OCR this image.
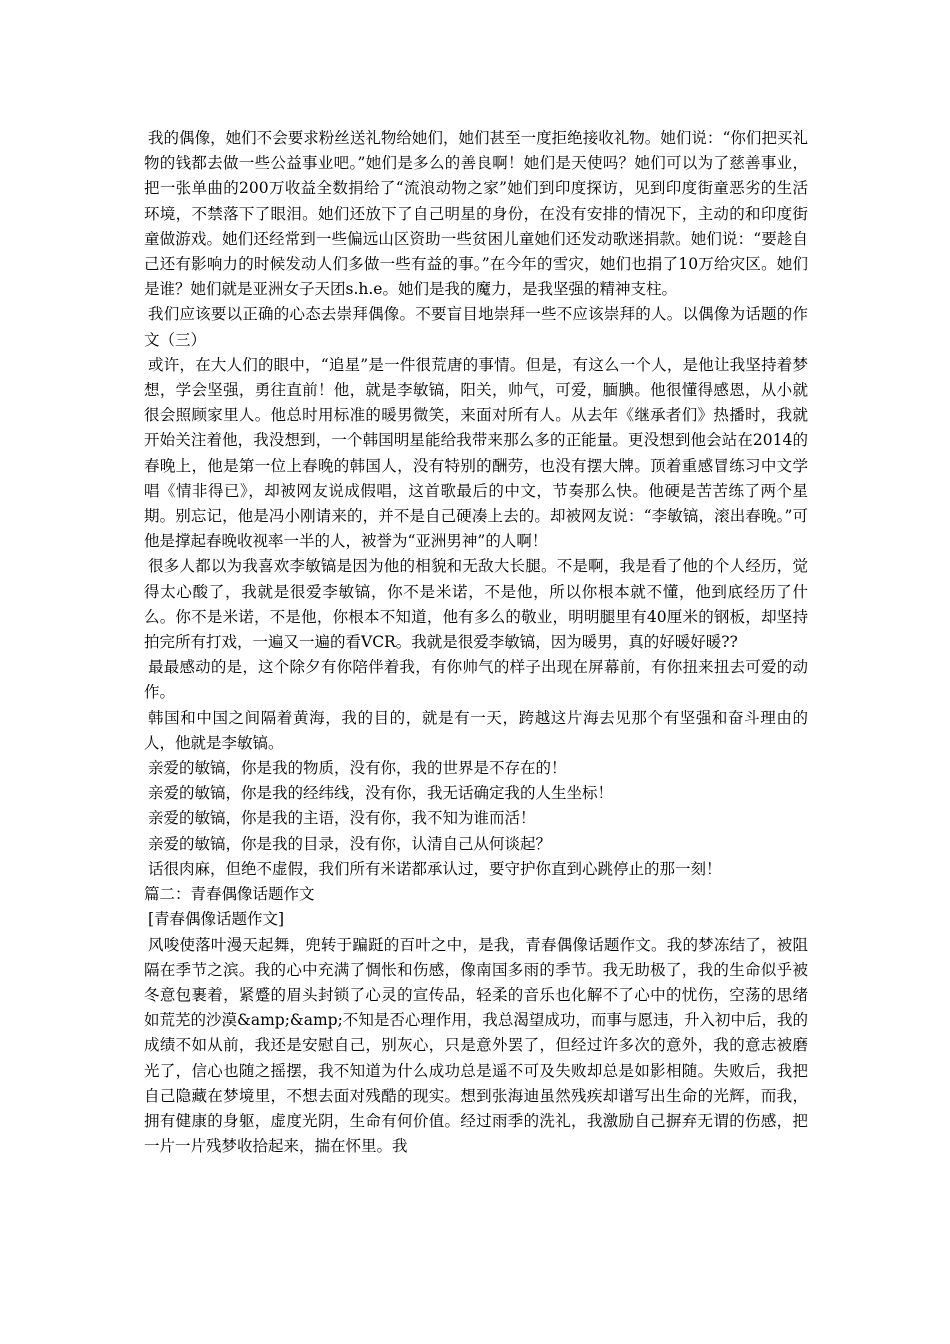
我的偶像，她们不会要求粉丝送礼物给她们，她们甚至一度拒绝接收礼物。她们说：“你们把买礼物的钱都去做一些公益事业吧。”她们是多么的善良啊！她们是天使吗？她们可以为了慈善事业，把一张单曲的200万收益全数捐给了“流浪动物之家”她们到印度探访，见到印度街童恶劣的生活环境，不禁落下了眼泪。她们还放下了自己明星的身份，在没有安排的情况下，主动的和印度街童做游戏。她们还经常到一些偏远山区资助一些贫困儿童她们还发动歌迷捐款。她们说：“要趁自己还有影响力的时候发动人们多做一些有益的事。”在今年的雪灾，她们也捐了10万给灾区。她们是谁？她们就是亚洲女子天团s.h.e。她们是我的魔力，是我坚强的精神支柱。

我们应该要以正确的心态去崇拜偶像。不要盲目地崇拜一些不应该崇拜的人。以偶像为话题的作文（三）

或许，在大人们的眼中，“追星”是一件很荒唐的事情。但是，有这么一个人，是他让我坚持着梦想，学会坚强，勇往直前！他，就是李敏镐，阳关，帅气，可爱，腼腆。他很懂得感恩，从小就很会照顾家里人。他总时用标准的暖男微笑，来面对所有人。从去年《继承者们》热播时，我就开始关注着他，我没想到，一个韩国明星能给我带来那么多的正能量。更没想到他会站在2014的春晚上，他是第一位上春晚的韩国人，没有特别的酬劳，也没有摆大牌。顶着重感冒练习中文学唱《情非得已》，却被网友说成假唱，这首歌最后的中文，节奏那么快。他硬是苦苦练了两个星期。别忘记，他是冯小刚请来的，并不是自己硬凑上去的。却被网友说：“李敏镐，滚出春晚。”可他是撑起春晚收视率一半的人，被誉为“亚洲男神”的人啊！

很多人都以为我喜欢李敏镐是因为他的相貌和无敌大长腿。不是啊，我是看了他的个人经历，觉得太心酸了，我就是很爱李敏镐，你不是米诺，不是他，所以你根本就不懂，他到底经历了什么。你不是米诺，不是他，你根本不知道，他有多么的敬业，明明腿里有40厘米的钢板，却坚持拍完所有打戏，一遍又一遍的看VCR。我就是很爱李敏镐，因为暖男，真的好暖好暖??

最最感动的是，这个除夕有你陪伴着我，有你帅气的样子出现在屏幕前，有你扭来扭去可爱的动作。

韩国和中国之间隔着黄海，我的目的，就是有一天，跨越这片海去见那个有坚强和奋斗理由的人，他就是李敏镐。

亲爱的敏镐，你是我的物质，没有你，我的世界是不存在的！

亲爱的敏镐，你是我的经纬线，没有你，我无话确定我的人生坐标！

亲爱的敏镐，你是我的主语，没有你，我不知为谁而活！

亲爱的敏镐，你是我的目录，没有你，认清自己从何谈起？

话很肉麻，但绝不虚假，我们所有米诺都承认过，要守护你直到心跳停止的那一刻！

篇二：青春偶像话题作文

[青春偶像话题作文]

风唆使落叶漫天起舞，兜转于蹁跹的百叶之中，是我，青春偶像话题作文。我的梦冻结了，被阻隔在季节之滨。我的心中充满了惆怅和伤感，像南国多雨的季节。我无助极了，我的生命似乎被冬意包裹着，紧蹙的眉头封锁了心灵的宣传品，轻柔的音乐也化解不了心中的忧伤，空荡的思绪如荒芜的沙漠&amp;&amp;不知是否心理作用，我总渴望成功，而事与愿违，升入初中后，我的成绩不如从前，我还是安慰自己，别灰心，只是意外罢了，但经过许多次的意外，我的意志被磨光了，信心也随之摇摆，我不知道为什么成功总是遥不可及失败却总是如影相随。失败后，我把自己隐藏在梦境里，不想去面对残酷的现实。想到张海迪虽然残疾却谱写出生命的光辉，而我，拥有健康的身躯，虚度光阴，生命有何价值。经过雨季的洗礼，我激励自己摒弃无谓的伤感，把一片一片残梦收拾起来，揣在怀里。我
